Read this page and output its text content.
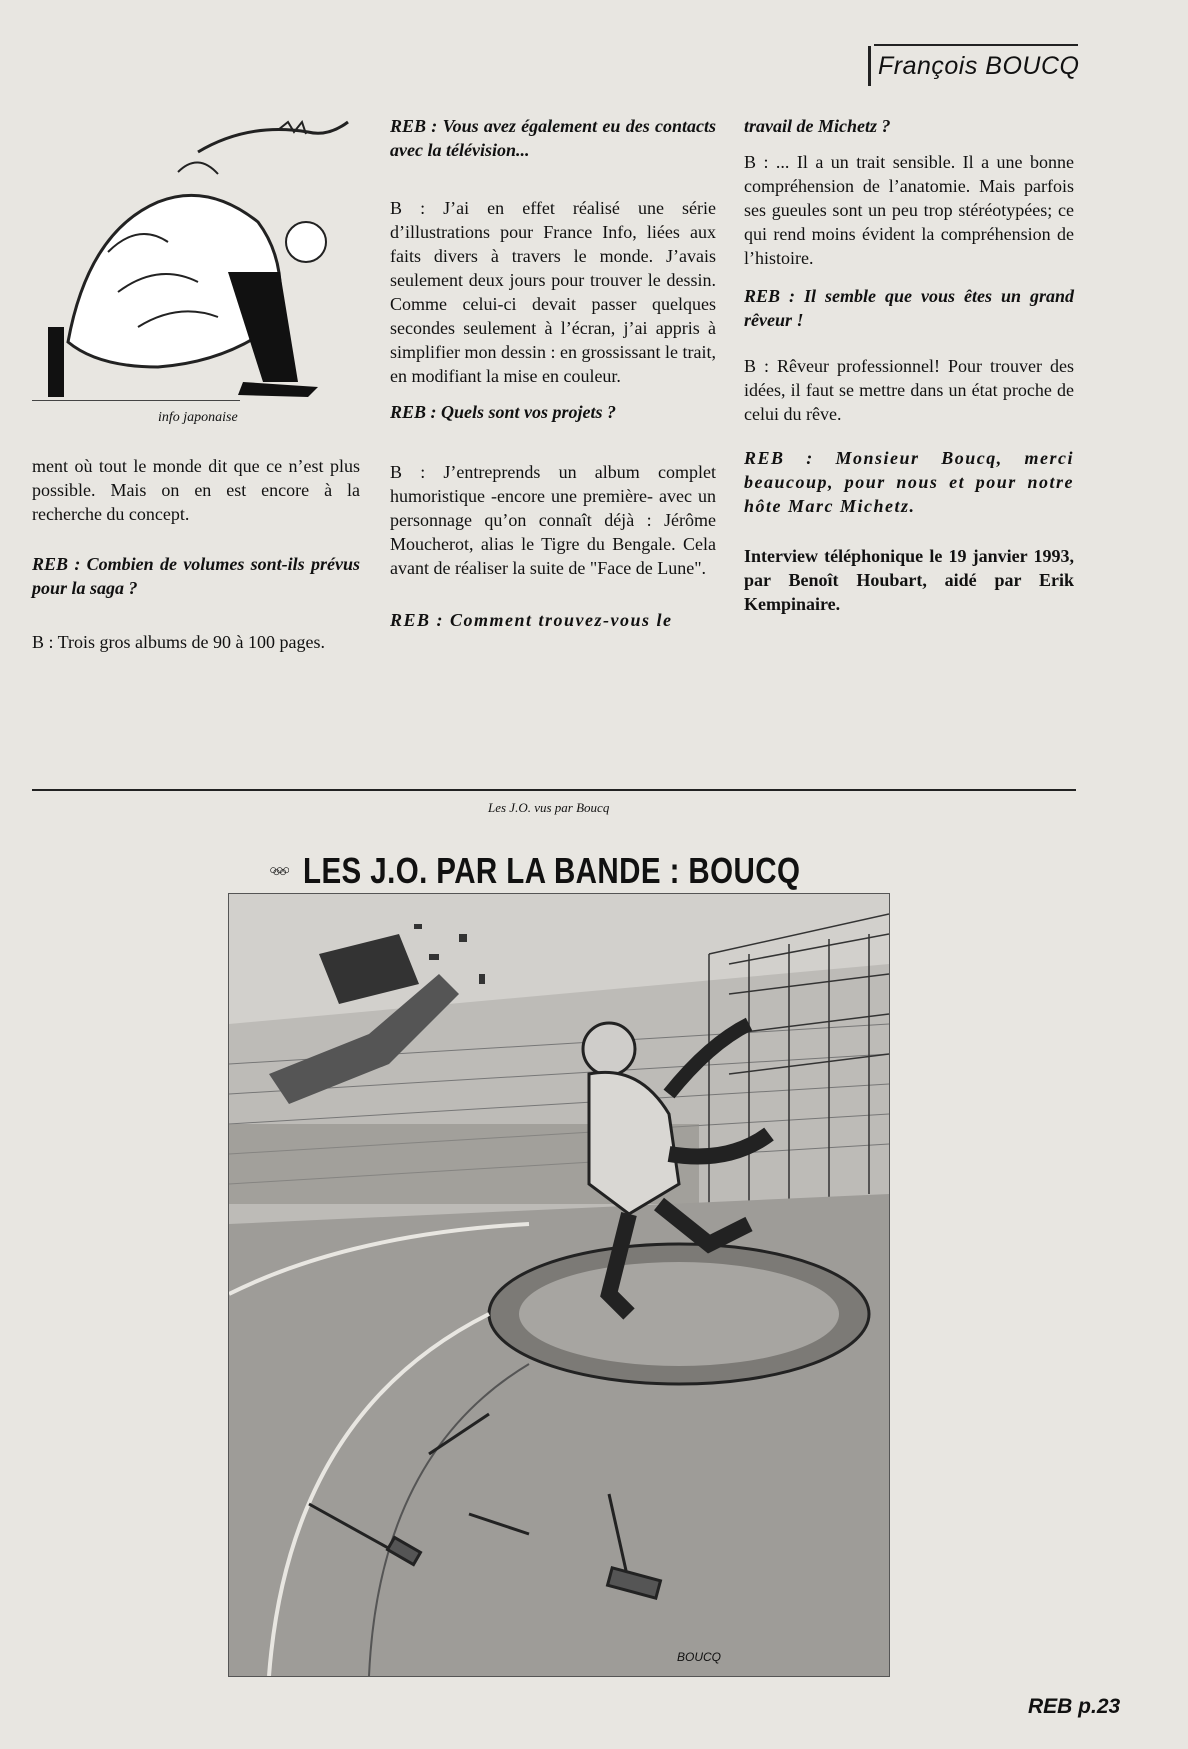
François BOUCQ
info japonaise

ment où tout le monde dit que ce n’est plus possible. Mais on en est encore à la recherche du concept.

REB : Combien de volumes sont-ils prévus pour la saga ?

B : Trois gros albums de 90 à 100 pages.

REB : Vous avez également eu des contacts avec la télévision...

B : J’ai en effet réalisé une série d’illustrations pour France Info, liées aux faits divers à travers le monde. J’avais seulement deux jours pour trouver le dessin. Comme celui-ci devait passer quelques secondes seulement à l’écran, j’ai appris à simplifier mon dessin : en grossissant le trait, en modifiant la mise en couleur.

REB : Quels sont vos projets ?

B : J’entreprends un album complet humoristique -encore une première- avec un personnage qu’on connaît déjà : Jérôme Moucherot, alias le Tigre du Bengale. Cela avant de réaliser la suite de "Face de Lune".

REB : Comment trouvez-vous le

travail de Michetz ?

B : ... Il a un trait sensible. Il a une bonne compréhension de l’anatomie. Mais parfois ses gueules sont un peu trop stéréotypées; ce qui rend moins évident la compréhension de l’histoire.

REB : Il semble que vous êtes un grand rêveur !

B : Rêveur professionnel! Pour trouver des idées, il faut se mettre dans un état proche de celui du rêve.

REB : Monsieur Boucq, merci beaucoup, pour nous et pour notre hôte Marc Michetz.

Interview téléphonique le 19 janvier 1993, par Benoît Houbart, aidé par Erik Kempinaire.

Les J.O. vus par Boucq
LES J.O. PAR LA BANDE : BOUCQ
BOUCQ
REB p.23
